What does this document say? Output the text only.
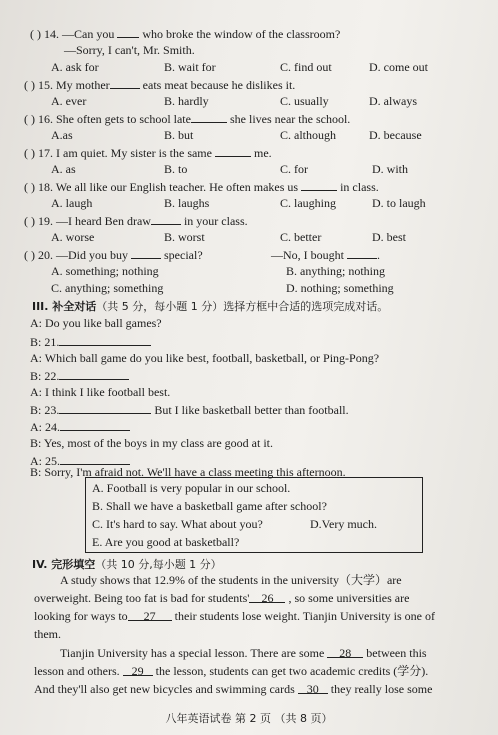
( ) 14. —Can you who broke the window of the classroom?
—Sorry, I can't, Mr. Smith.
A. ask for	B. wait for	C. find out	D. come out
( ) 15. My mother	eats meat because he dislikes it.
A. ever	B. hardly	C. usually	D. always
( ) 16. She often gets to school late	she lives near the school.
A.as	B. but	C. although	D. because
( ) 17. I am quiet. My sister is the same	me.
A. as	B. to	C. for	D. with
( ) 18. We all like our English teacher. He often makes us	in class.
A. laugh	B. laughs	C. laughing	D. to laugh
( ) 19. —I heard Ben draw	in your class.
A. worse	B. worst	C. better	D. best
( ) 20. —Did you buy	special?	—No, I bought	.
A. something; nothing	B. anything; nothing
C. anything; something	D. nothing; something
III. 补全对话（共 5 分，每小题 1 分）选择方框中合适的选项完成对话。
A: Do you like ball games?
B: 21.
A: Which ball game do you like best, football, basketball, or Ping-Pong?
B: 22.
A: I think I like football best.
B: 23.	But I like basketball better than football.
A: 24.
B: Yes, most of the boys in my class are good at it.
A: 25.
B: Sorry, I'm afraid not. We'll have a class meeting this afternoon.
A. Football is very popular in our school.
B. Shall we have a basketball game after school?
C. It's hard to say. What about you?	D.Very much.
E. Are you good at basketball?
IV. 完形填空（共 10 分,每小题 1 分）
A study shows that 12.9% of the students in the university（大学）are
overweight. Being too fat is bad for students' 26 , so some universities are
looking for ways to 27 their students lose weight. Tianjin University is one of
them.
Tianjin University has a special lesson. There are some 28 between this
lesson and others. 29 the lesson, students can get two academic credits (学分).
And they'll also get new bicycles and swimming cards 30 they really lose some
八年英语试卷 第 2 页 （共 8 页）
